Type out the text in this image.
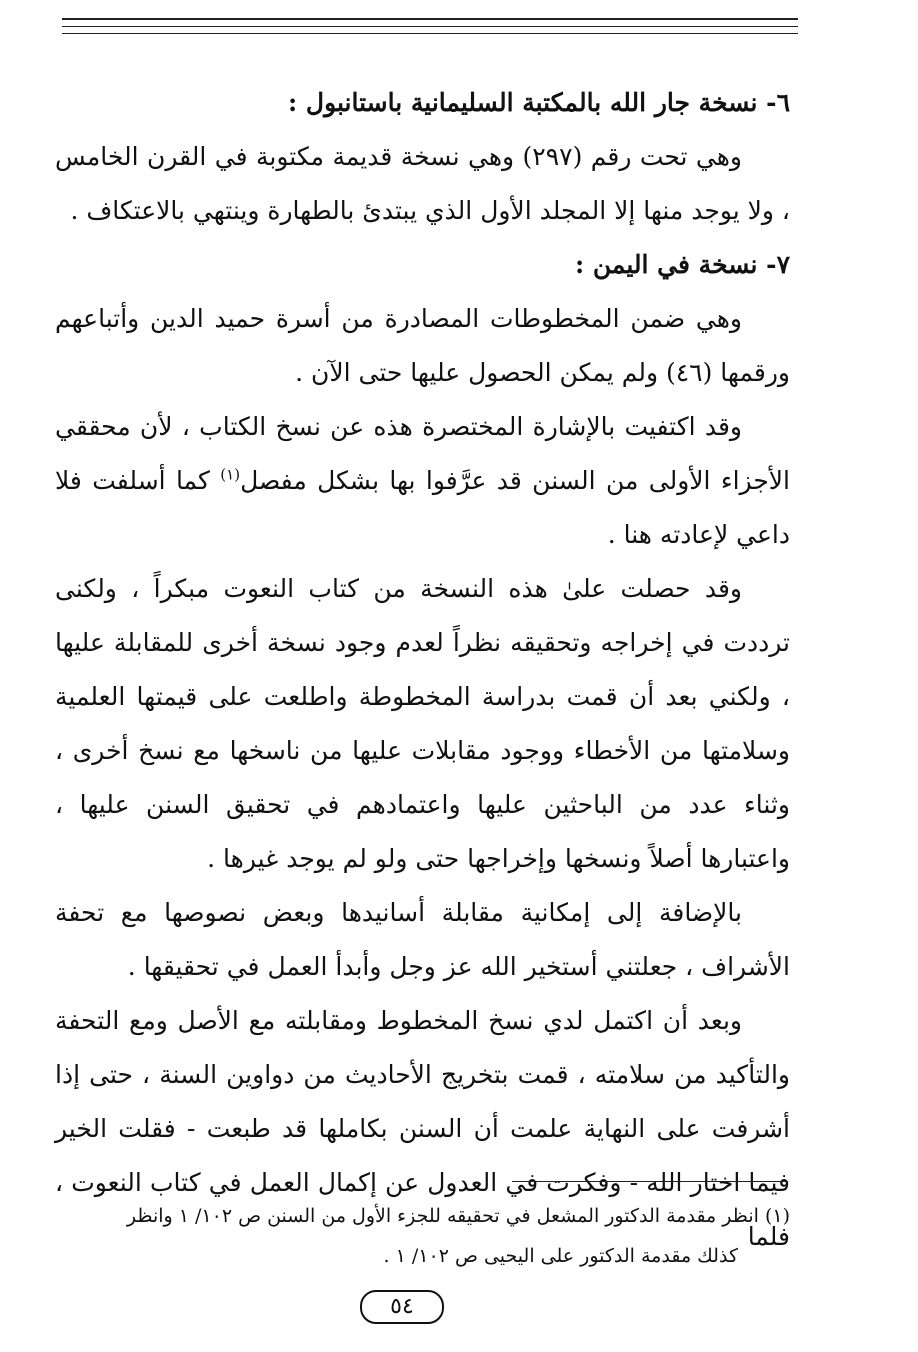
٦- نسخة جار الله بالمكتبة السليمانية باستانبول :

وهي تحت رقم (٢٩٧) وهي نسخة قديمة مكتوبة في القرن الخامس ، ولا يوجد منها إلا المجلد الأول الذي يبتدئ بالطهارة وينتهي بالاعتكاف .

٧- نسخة في اليمن :

وهي ضمن المخطوطات المصادرة من أسرة حميد الدين وأتباعهم ورقمها (٤٦) ولم يمكن الحصول عليها حتى الآن .

وقد اكتفيت بالإشارة المختصرة هذه عن نسخ الكتاب ، لأن محققي الأجزاء الأولى من السنن قد عرَّفوا بها بشكل مفصل$^{(١)}$ كما أسلفت فلا داعي لإعادته هنا .

وقد حصلت علىٰ هذه النسخة من كتاب النعوت مبكراً ، ولكنى ترددت في إخراجه وتحقيقه نظراً لعدم وجود نسخة أخرى للمقابلة عليها ، ولكني بعد أن قمت بدراسة المخطوطة واطلعت على قيمتها العلمية وسلامتها من الأخطاء ووجود مقابلات عليها من ناسخها مع نسخ أخرى ، وثناء عدد من الباحثين عليها واعتمادهم في تحقيق السنن عليها ، واعتبارها أصلاً ونسخها وإخراجها حتى ولو لم يوجد غيرها .

بالإضافة إلى إمكانية مقابلة أسانيدها وبعض نصوصها مع تحفة الأشراف ، جعلتني أستخير الله عز وجل وأبدأ العمل في تحقيقها .

وبعد أن اكتمل لدي نسخ المخطوط ومقابلته مع الأصل ومع التحفة والتأكيد من سلامته ، قمت بتخريج الأحاديث من دواوين السنة ، حتى إذا أشرفت على النهاية علمت أن السنن بكاملها قد طبعت - فقلت الخير فيما اختار الله - وفكرت في العدول عن إكمال العمل في كتاب النعوت ، فلما

(١) انظر مقدمة الدكتور المشعل في تحقيقه للجزء الأول من السنن ص ١٠٢/ ١ وانظر

كذلك مقدمة الدكتور على اليحيى ص ١٠٢/ ١ .

٥٤
